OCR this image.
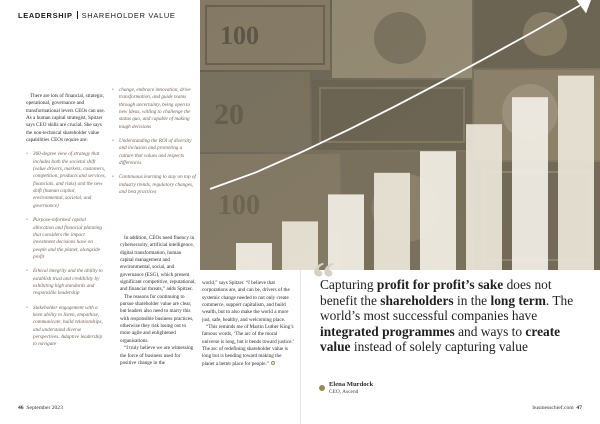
100
20
100
LEADERSHIP SHAREHOLDER VALUE

There are lots of financial, strategic, operational, governance and transformational levers CEOs can use. As a human capital strategist, Spitzer says CEO skills are crucial. She says the non-technical shareholder value capabilities CEOs require are:

• 360-degree view of strategy that includes both the societal shift (value drivers, markets, customers, competition, products and services, financials, and risks) and the new shift (human capital, environmental, societal, and governance)
• Purpose-informed capital allocation and financial planning that considers the impact investment decisions have on people and the planet, alongside profit
• Ethical integrity and the ability to establish trust and credibility by exhibiting high standards and responsible leadership
• Stakeholder engagement with a keen ability to listen, empathise, communicate, build relationships, and understand diverse perspectives. Adaptive leadership to navigate
• change, embrace innovation, drive transformation, and guide teams through uncertainty, being open to new ideas, willing to challenge the status quo, and capable of making tough decisions
• Understanding the ROI of diversity and inclusion and promoting a culture that values and respects differences
• Continuous learning to stay on top of industry trends, regulatory changes, and best practices

In addition, CEOs need fluency in cybersecurity, artificial intelligence, digital transformation, human capital management and environmental, social, and governance (ESG), which present significant competitive, reputational, and financial threats,” adds Spitzer.

The reasons for continuing to pursue shareholder value are clear, but leaders also need to marry this with responsible business practices, otherwise they risk losing out to more agile and enlightened organisations.

“I truly believe we are witnessing the force of business used for positive change in the

world,” says Spitzer. “I believe that corporations are, and can be, drivers of the systemic change needed to not only create commerce, support capitalism, and build wealth, but to also make the world a more just, safe, healthy, and welcoming place.

“This reminds me of Martin Luther King’s famous words, ‘The arc of the moral universe is long, but it bends toward justice.’ The arc of redefining shareholder value is long but is bending toward making the planet a better place for people.”

“
Capturing profit for profit’s sake does not benefit the shareholders in the long term. The world’s most successful companies have integrated programmes and ways to create value instead of solely capturing value
Elena Murdock
CEO, Ascend
46 September 2023	businesschief.com 47
